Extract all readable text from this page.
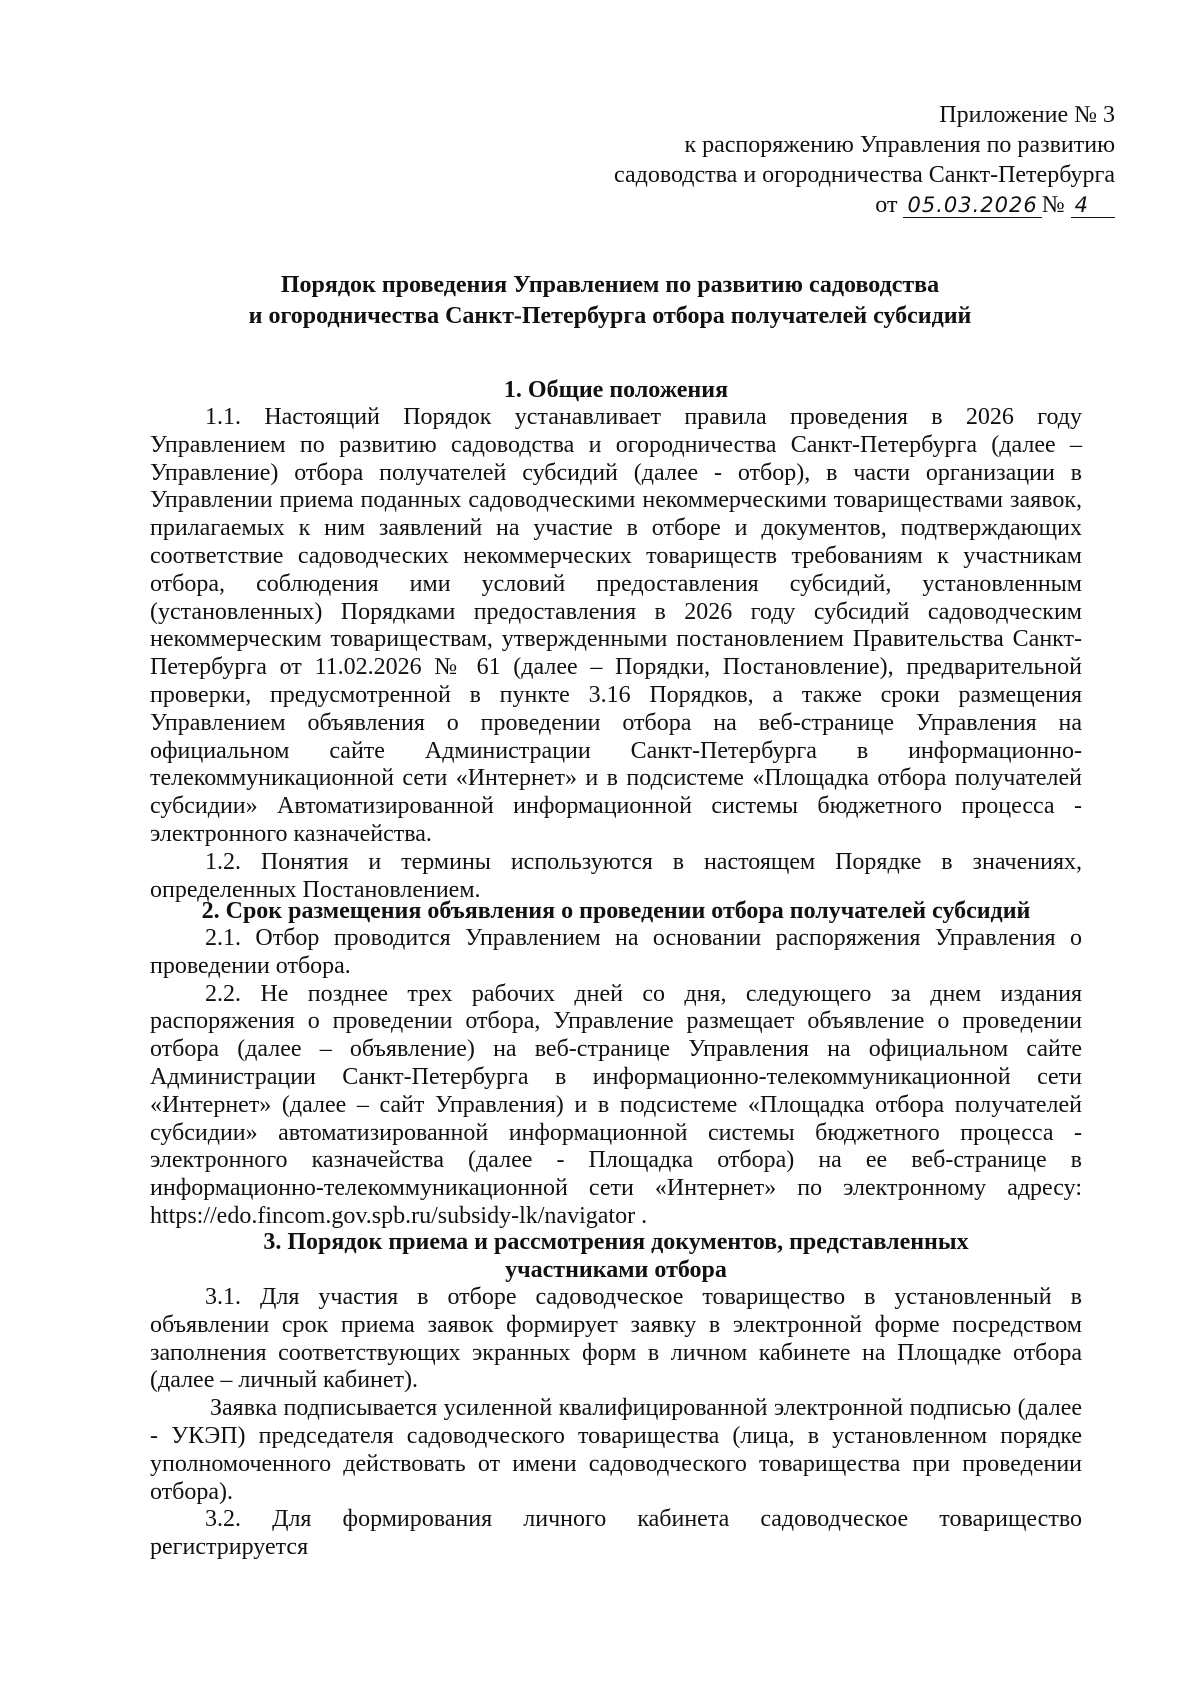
Приложение № 3
к распоряжению Управления по развитию
садоводства и огородничества Санкт-Петербурга
от 05.03.2026 № 4
Порядок проведения Управлением по развитию садоводства
и огородничества Санкт-Петербурга отбора получателей субсидий
1. Общие положения

1.1. Настоящий Порядок устанавливает правила проведения в 2026 году Управлением по развитию садоводства и огородничества Санкт-Петербурга (далее – Управление) отбора получателей субсидий (далее - отбор), в части организации в Управлении приема поданных садоводческими некоммерческими товариществами заявок, прилагаемых к ним заявлений на участие в отборе и документов, подтверждающих соответствие садоводческих некоммерческих товариществ требованиям к участникам отбора, соблюдения ими условий предоставления субсидий, установленным (установленных) Порядками предоставления в 2026 году субсидий садоводческим некоммерческим товариществам, утвержденными постановлением Правительства Санкт-Петербурга от 11.02.2026 № 61 (далее – Порядки, Постановление), предварительной проверки, предусмотренной в пункте 3.16 Порядков, а также сроки размещения Управлением объявления о проведении отбора на веб-странице Управления на официальном сайте Администрации Санкт-Петербурга в информационно-телекоммуникационной сети «Интернет» и в подсистеме «Площадка отбора получателей субсидии» Автоматизированной информационной системы бюджетного процесса - электронного казначейства.

1.2. Понятия и термины используются в настоящем Порядке в значениях, определенных Постановлением.

2. Срок размещения объявления о проведении отбора получателей субсидий

2.1. Отбор проводится Управлением на основании распоряжения Управления о проведении отбора.

2.2. Не позднее трех рабочих дней со дня, следующего за днем издания распоряжения о проведении отбора, Управление размещает объявление о проведении отбора (далее – объявление) на веб-странице Управления на официальном сайте Администрации Санкт-Петербурга в информационно-телекоммуникационной сети «Интернет» (далее – сайт Управления) и в подсистеме «Площадка отбора получателей субсидии» автоматизированной информационной системы бюджетного процесса - электронного казначейства (далее - Площадка отбора) на ее веб-странице в информационно-телекоммуникационной сети «Интернет» по электронному адресу: https://edo.fincom.gov.spb.ru/subsidy-lk/navigator .

3. Порядок приема и рассмотрения документов, представленных
участниками отбора

3.1. Для участия в отборе садоводческое товарищество в установленный в объявлении срок приема заявок формирует заявку в электронной форме посредством заполнения соответствующих экранных форм в личном кабинете на Площадке отбора (далее – личный кабинет).

Заявка подписывается усиленной квалифицированной электронной подписью (далее - УКЭП) председателя садоводческого товарищества (лица, в установленном порядке уполномоченного действовать от имени садоводческого товарищества при проведении отбора).

3.2. Для формирования личного кабинета садоводческое товарищество регистрируется
